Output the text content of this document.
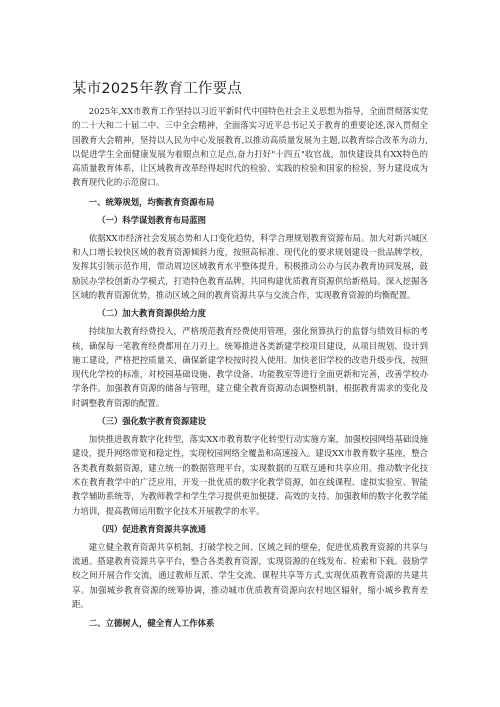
某市2025年教育工作要点

2025年,XX市教育工作坚持以习近平新时代中国特色社会主义思想为指导，全面贯彻落实党的二十大和二十届二中、三中全会精神，全面落实习近平总书记关于教育的重要论述,深入贯彻全国教育大会精神，坚持以人民为中心发展教育,以推动高质量发展为主题,以教育综合改革为动力,以促进学生全面健康发展为着眼点和立足点,奋力打好"十四五"收官战，加快建设具有XX特色的高质量教育体系，让区域教育改革经得起时代的检验、实践的检验和国家的检验，努力建设成为教育现代化的示范窗口。

一、统筹规划，均衡教育资源布局

（一）科学谋划教育布局蓝图

依据XX市经济社会发展态势和人口变化趋势，科学合理规划教育资源布局。加大对新兴城区和人口增长较快区域的教育资源倾斜力度，按照高标准、现代化的要求规划建设一批品牌学校，发挥其引领示范作用，带动周边区域教育水平整体提升。积极推动公办与民办教育协同发展，鼓励民办学校创新办学模式，打造特色教育品牌，共同构建优质教育资源供给新格局。深入挖掘各区域的教育资源优势，推动区域之间的教育资源共享与交流合作，实现教育资源的均衡配置。

（二）加大教育资源供给力度

持续加大教育经费投入，严格规范教育经费使用管理，强化预算执行的监督与绩效目标的考核，确保每一笔教育经费都用在刀刃上。统筹推进各类新建学校项目建设，从项目规划、设计到施工建设，严格把控质量关，确保新建学校按时投入使用。加快老旧学校的改造升级步伐，按照现代化学校的标准，对校园基础设施、教学设备、功能教室等进行全面更新和完善，改善学校办学条件。加强教育资源的储备与管理，建立健全教育资源动态调整机制，根据教育需求的变化及时调整教育资源的配置。

（三）强化数字教育资源建设

加快推进教育数字化转型，落实XX市教育数字化转型行动实施方案，加强校园网络基础设施建设，提升网络带宽和稳定性，实现校园网络全覆盖和高速接入。建设XX市教育数字基座，整合各类教育数据资源，建立统一的数据管理平台，实现数据的互联互通和共享应用。推动数字化技术在教育教学中的广泛应用，开发一批优质的数字化教学资源，如在线课程、虚拟实验室、智能教学辅助系统等，为教师教学和学生学习提供更加便捷、高效的支持。加强教师的数字化教学能力培训，提高教师运用数字化技术开展教学的水平。

（四）促进教育资源共享流通

建立健全教育资源共享机制，打破学校之间、区域之间的壁垒，促进优质教育资源的共享与流通。搭建教育资源共享平台，整合各类教育资源，实现资源的在线发布、检索和下载。鼓励学校之间开展合作交流，通过教师互派、学生交流、课程共享等方式,实现优质教育资源的共建共享。加强城乡教育资源的统筹协调，推动城市优质教育资源向农村地区辐射，缩小城乡教育差距。

二、立德树人，健全育人工作体系
